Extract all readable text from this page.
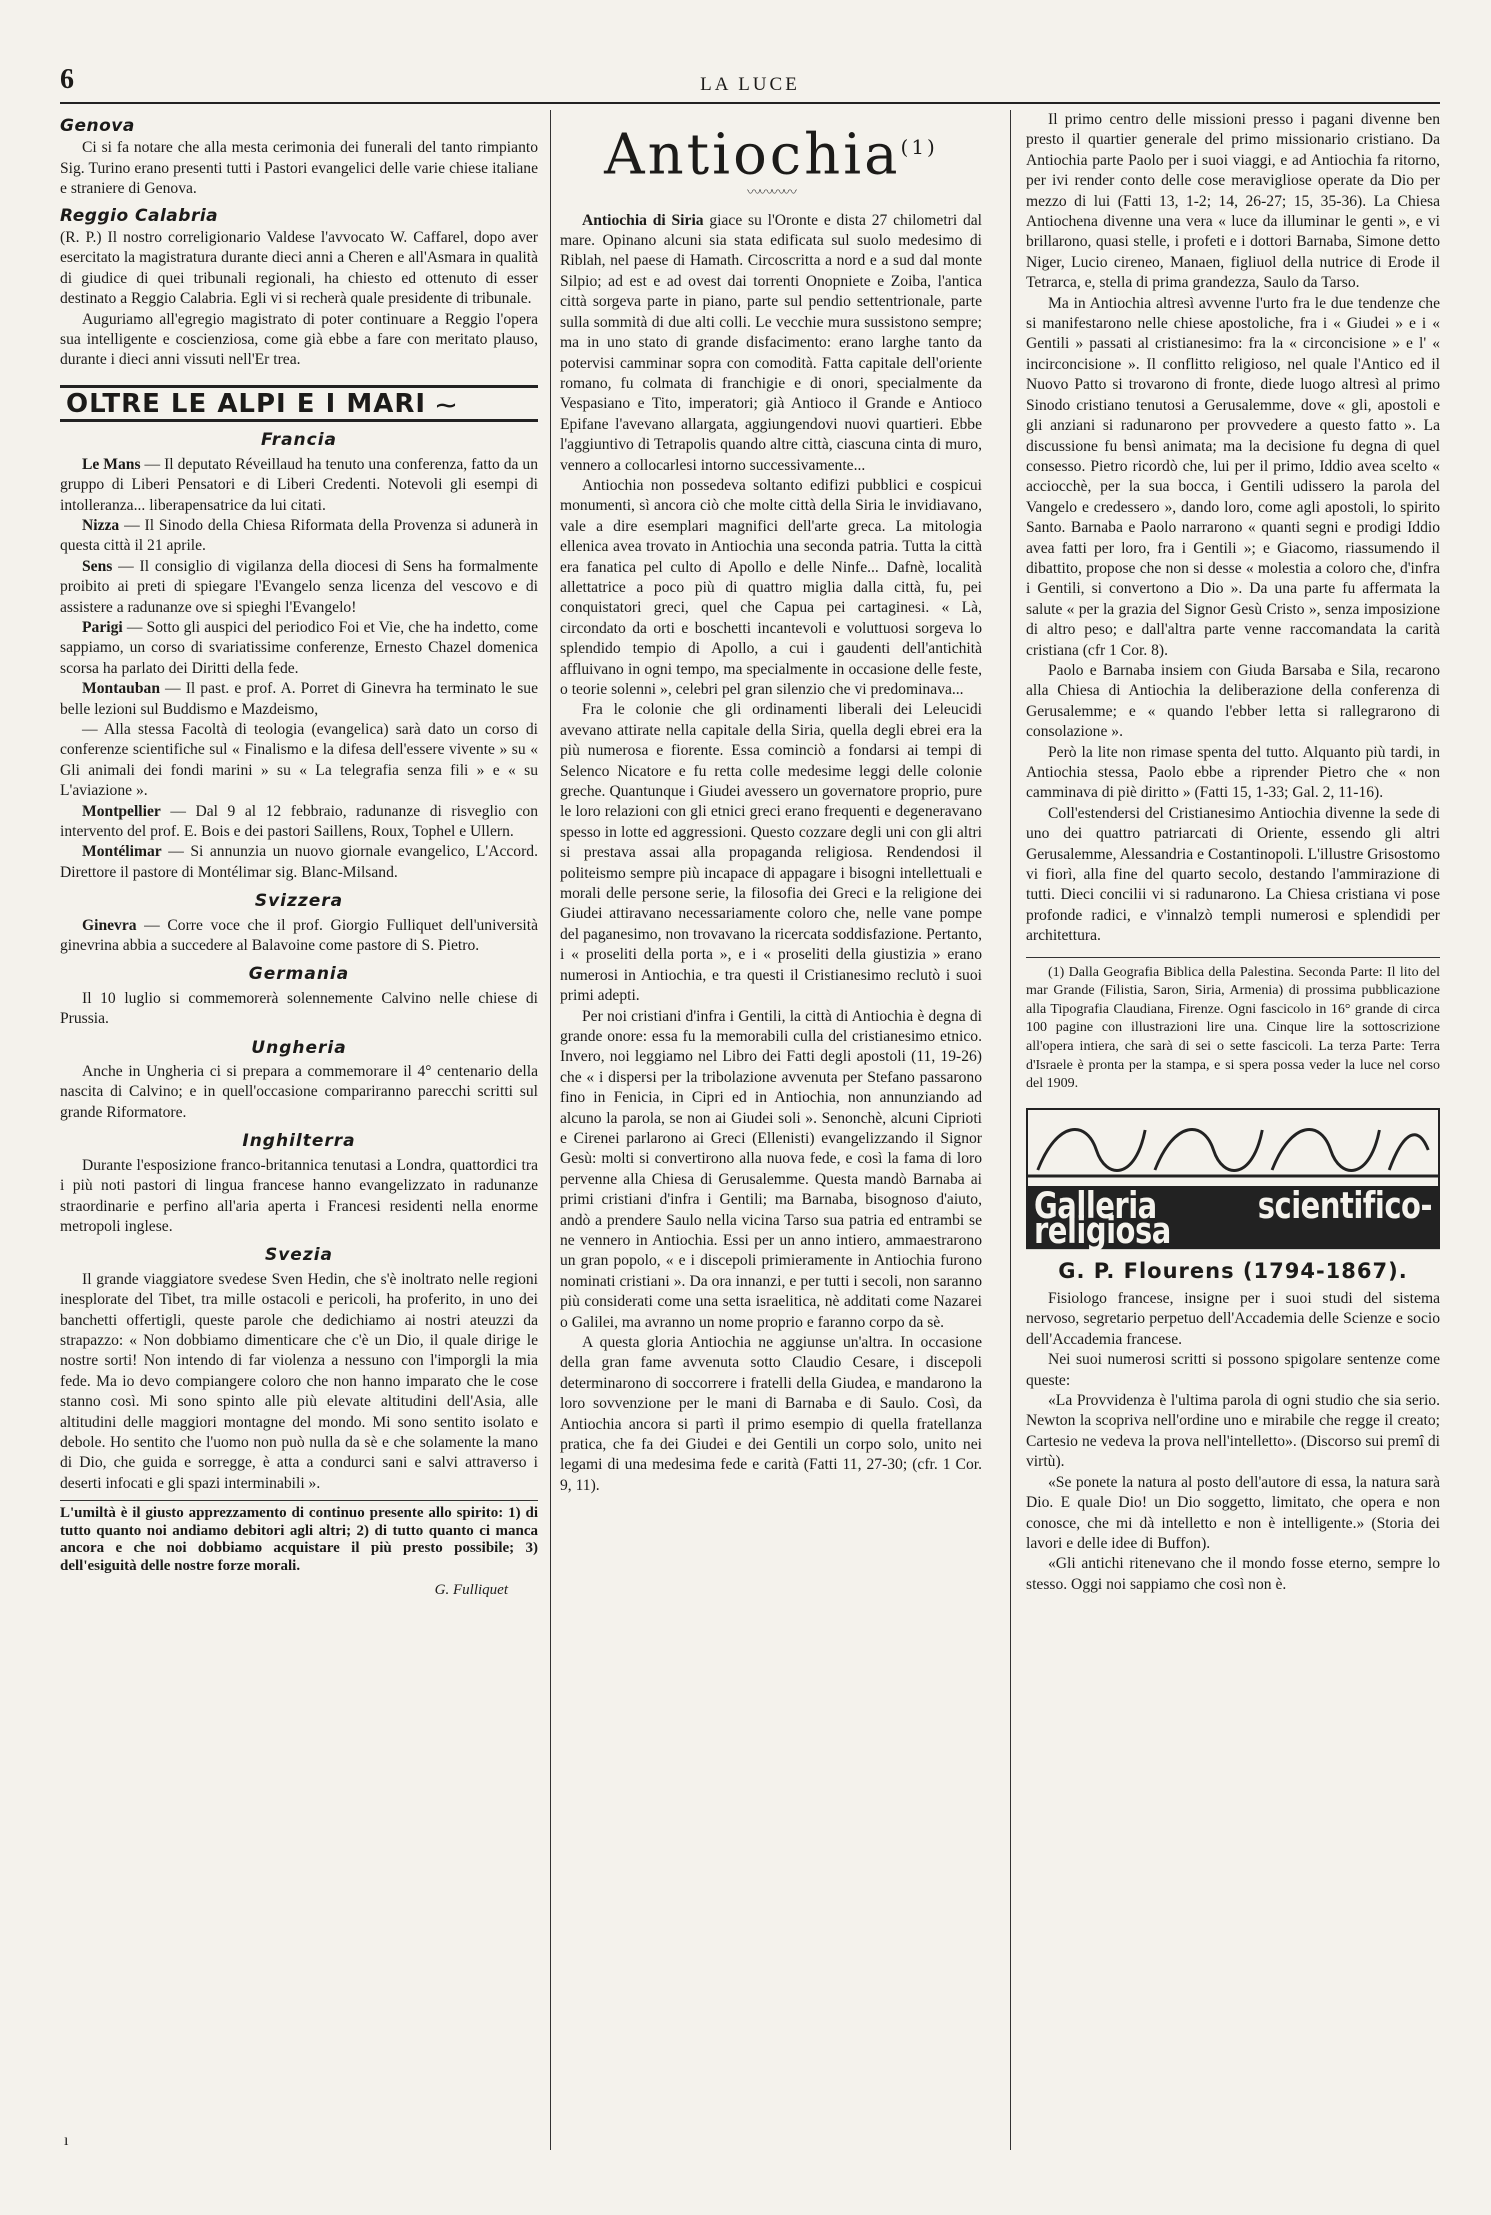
6	LA LUCE
Genova

Ci si fa notare che alla mesta cerimonia dei funerali del tanto rimpianto Sig. Turino erano presenti tutti i Pastori evangelici delle varie chiese italiane e straniere di Genova.

Reggio Calabria

(R. P.) Il nostro correligionario Valdese l'avvocato W. Caffarel, dopo aver esercitato la magistratura durante dieci anni a Cheren e all'Asmara in qualità di giudice di quei tribunali regionali, ha chiesto ed ottenuto di esser destinato a Reggio Calabria. Egli vi si recherà quale presidente di tribunale.

Auguriamo all'egregio magistrato di poter continuare a Reggio l'opera sua intelligente e coscienziosa, come già ebbe a fare con meritato plauso, durante i dieci anni vissuti nell'Er trea.

OLTRE LE ALPI E I MARI ⁓
Francia

Le Mans — Il deputato Réveillaud ha tenuto una conferenza, fatto da un gruppo di Liberi Pensatori e di Liberi Credenti. Notevoli gli esempi di intolleranza... liberapensatrice da lui citati.

Nizza — Il Sinodo della Chiesa Riformata della Provenza si adunerà in questa città il 21 aprile.

Sens — Il consiglio di vigilanza della diocesi di Sens ha formalmente proibito ai preti di spiegare l'Evangelo senza licenza del vescovo e di assistere a radunanze ove si spieghi l'Evangelo!

Parigi — Sotto gli auspici del periodico Foi et Vie, che ha indetto, come sappiamo, un corso di svariatissime conferenze, Ernesto Chazel domenica scorsa ha parlato dei Diritti della fede.

Montauban — Il past. e prof. A. Porret di Ginevra ha terminato le sue belle lezioni sul Buddismo e Mazdeismo,

— Alla stessa Facoltà di teologia (evangelica) sarà dato un corso di conferenze scientifiche sul « Finalismo e la difesa dell'essere vivente » su « Gli animali dei fondi marini » su « La telegrafia senza fili » e « su L'aviazione ».

Montpellier — Dal 9 al 12 febbraio, radunanze di risveglio con intervento del prof. E. Bois e dei pastori Saillens, Roux, Tophel e Ullern.

Montélimar — Si annunzia un nuovo giornale evangelico, L'Accord. Direttore il pastore di Montélimar sig. Blanc-Milsand.

Svizzera

Ginevra — Corre voce che il prof. Giorgio Fulliquet dell'università ginevrina abbia a succedere al Balavoine come pastore di S. Pietro.

Germania

Il 10 luglio si commemorerà solennemente Calvino nelle chiese di Prussia.

Ungheria

Anche in Ungheria ci si prepara a commemorare il 4° centenario della nascita di Calvino; e in quell'occasione compariranno parecchi scritti sul grande Riformatore.

Inghilterra

Durante l'esposizione franco-britannica tenutasi a Londra, quattordici tra i più noti pastori di lingua francese hanno evangelizzato in radunanze straordinarie e perfino all'aria aperta i Francesi residenti nella enorme metropoli inglese.

Svezia

Il grande viaggiatore svedese Sven Hedin, che s'è inoltrato nelle regioni inesplorate del Tibet, tra mille ostacoli e pericoli, ha proferito, in uno dei banchetti offertigli, queste parole che dedichiamo ai nostri ateuzzi da strapazzo: « Non dobbiamo dimenticare che c'è un Dio, il quale dirige le nostre sorti! Non intendo di far violenza a nessuno con l'imporgli la mia fede. Ma io devo compiangere coloro che non hanno imparato che le cose stanno così. Mi sono spinto alle più elevate altitudini dell'Asia, alle altitudini delle maggiori montagne del mondo. Mi sono sentito isolato e debole. Ho sentito che l'uomo non può nulla da sè e che solamente la mano di Dio, che guida e sorregge, è atta a condurci sani e salvi attraverso i deserti infocati e gli spazi interminabili ».

L'umiltà è il giusto apprezzamento di continuo presente allo spirito: 1) di tutto quanto noi andiamo debitori agli altri; 2) di tutto quanto ci manca ancora e che noi dobbiamo acquistare il più presto possibile; 3) dell'esiguità delle nostre forze morali.
G. Fulliquet
ı
Antiochia$^{(1)}$
〰〰〰〰

Antiochia di Siria giace su l'Oronte e dista 27 chilometri dal mare. Opinano alcuni sia stata edificata sul suolo medesimo di Riblah, nel paese di Hamath. Circoscritta a nord e a sud dal monte Silpio; ad est e ad ovest dai torrenti Onopniete e Zoiba, l'antica città sorgeva parte in piano, parte sul pendio settentrionale, parte sulla sommità di due alti colli. Le vecchie mura sussistono sempre; ma in uno stato di grande disfacimento: erano larghe tanto da potervisi camminar sopra con comodità. Fatta capitale dell'oriente romano, fu colmata di franchigie e di onori, specialmente da Vespasiano e Tito, imperatori; già Antioco il Grande e Antioco Epifane l'avevano allargata, aggiungendovi nuovi quartieri. Ebbe l'aggiuntivo di Tetrapolis quando altre città, ciascuna cinta di muro, vennero a collocarlesi intorno successivamente...

Antiochia non possedeva soltanto edifizi pubblici e cospicui monumenti, sì ancora ciò che molte città della Siria le invidiavano, vale a dire esemplari magnifici dell'arte greca. La mitologia ellenica avea trovato in Antiochia una seconda patria. Tutta la città era fanatica pel culto di Apollo e delle Ninfe... Dafnè, località allettatrice a poco più di quattro miglia dalla città, fu, pei conquistatori greci, quel che Capua pei cartaginesi. « Là, circondato da orti e boschetti incantevoli e voluttuosi sorgeva lo splendido tempio di Apollo, a cui i gaudenti dell'antichità affluivano in ogni tempo, ma specialmente in occasione delle feste, o teorie solenni », celebri pel gran silenzio che vi predominava...

Fra le colonie che gli ordinamenti liberali dei Leleucidi avevano attirate nella capitale della Siria, quella degli ebrei era la più numerosa e fiorente. Essa cominciò a fondarsi ai tempi di Selenco Nicatore e fu retta colle medesime leggi delle colonie greche. Quantunque i Giudei avessero un governatore proprio, pure le loro relazioni con gli etnici greci erano frequenti e degeneravano spesso in lotte ed aggressioni. Questo cozzare degli uni con gli altri si prestava assai alla propaganda religiosa. Rendendosi il politeismo sempre più incapace di appagare i bisogni intellettuali e morali delle persone serie, la filosofia dei Greci e la religione dei Giudei attiravano necessariamente coloro che, nelle vane pompe del paganesimo, non trovavano la ricercata soddisfazione. Pertanto, i « proseliti della porta », e i « proseliti della giustizia » erano numerosi in Antiochia, e tra questi il Cristianesimo reclutò i suoi primi adepti.

Per noi cristiani d'infra i Gentili, la città di Antiochia è degna di grande onore: essa fu la memorabili culla del cristianesimo etnico. Invero, noi leggiamo nel Libro dei Fatti degli apostoli (11, 19-26) che « i dispersi per la tribolazione avvenuta per Stefano passarono fino in Fenicia, in Cipri ed in Antiochia, non annunziando ad alcuno la parola, se non ai Giudei soli ». Senonchè, alcuni Ciprioti e Cirenei parlarono ai Greci (Ellenisti) evangelizzando il Signor Gesù: molti si convertirono alla nuova fede, e così la fama di loro pervenne alla Chiesa di Gerusalemme. Questa mandò Barnaba ai primi cristiani d'infra i Gentili; ma Barnaba, bisognoso d'aiuto, andò a prendere Saulo nella vicina Tarso sua patria ed entrambi se ne vennero in Antiochia. Essi per un anno intiero, ammaestrarono un gran popolo, « e i discepoli primieramente in Antiochia furono nominati cristiani ». Da ora innanzi, e per tutti i secoli, non saranno più considerati come una setta israelitica, nè additati come Nazarei o Galilei, ma avranno un nome proprio e faranno corpo da sè.

A questa gloria Antiochia ne aggiunse un'altra. In occasione della gran fame avvenuta sotto Claudio Cesare, i discepoli determinarono di soccorrere i fratelli della Giudea, e mandarono la loro sovvenzione per le mani di Barnaba e di Saulo. Così, da Antiochia ancora si partì il primo esempio di quella fratellanza pratica, che fa dei Giudei e dei Gentili un corpo solo, unito nei legami di una medesima fede e carità (Fatti 11, 27-30; (cfr. 1 Cor. 9, 11).

Il primo centro delle missioni presso i pagani divenne ben presto il quartier generale del primo missionario cristiano. Da Antiochia parte Paolo per i suoi viaggi, e ad Antiochia fa ritorno, per ivi render conto delle cose meravigliose operate da Dio per mezzo di lui (Fatti 13, 1-2; 14, 26-27; 15, 35-36). La Chiesa Antiochena divenne una vera « luce da illuminar le genti », e vi brillarono, quasi stelle, i profeti e i dottori Barnaba, Simone detto Niger, Lucio cireneo, Manaen, figliuol della nutrice di Erode il Tetrarca, e, stella di prima grandezza, Saulo da Tarso.

Ma in Antiochia altresì avvenne l'urto fra le due tendenze che si manifestarono nelle chiese apostoliche, fra i « Giudei » e i « Gentili » passati al cristianesimo: fra la « circoncisione » e l' « incirconcisione ». Il conflitto religioso, nel quale l'Antico ed il Nuovo Patto si trovarono di fronte, diede luogo altresì al primo Sinodo cristiano tenutosi a Gerusalemme, dove « gli, apostoli e gli anziani si radunarono per provvedere a questo fatto ». La discussione fu bensì animata; ma la decisione fu degna di quel consesso. Pietro ricordò che, lui per il primo, Iddio avea scelto « acciocchè, per la sua bocca, i Gentili udissero la parola del Vangelo e credessero », dando loro, come agli apostoli, lo spirito Santo. Barnaba e Paolo narrarono « quanti segni e prodigi Iddio avea fatti per loro, fra i Gentili »; e Giacomo, riassumendo il dibattito, propose che non si desse « molestia a coloro che, d'infra i Gentili, si convertono a Dio ». Da una parte fu affermata la salute « per la grazia del Signor Gesù Cristo », senza imposizione di altro peso; e dall'altra parte venne raccomandata la carità cristiana (cfr 1 Cor. 8).

Paolo e Barnaba insiem con Giuda Barsaba e Sila, recarono alla Chiesa di Antiochia la deliberazione della conferenza di Gerusalemme; e « quando l'ebber letta si rallegrarono di consolazione ».

Però la lite non rimase spenta del tutto. Alquanto più tardi, in Antiochia stessa, Paolo ebbe a riprender Pietro che « non camminava di piè diritto » (Fatti 15, 1-33; Gal. 2, 11-16).

Coll'estendersi del Cristianesimo Antiochia divenne la sede di uno dei quattro patriarcati di Oriente, essendo gli altri Gerusalemme, Alessandria e Costantinopoli. L'illustre Grisostomo vi fiorì, alla fine del quarto secolo, destando l'ammirazione di tutti. Dieci concilii vi si radunarono. La Chiesa cristiana vi pose profonde radici, e v'innalzò templi numerosi e splendidi per architettura.

(1) Dalla Geografia Biblica della Palestina. Seconda Parte: Il lito del mar Grande (Filistia, Saron, Siria, Armenia) di prossima pubblicazione alla Tipografia Claudiana, Firenze. Ogni fascicolo in 16° grande di circa 100 pagine con illustrazioni lire una. Cinque lire la sottoscrizione all'opera intiera, che sarà di sei o sette fascicoli. La terza Parte: Terra d'Israele è pronta per la stampa, e si spera possa veder la luce nel corso del 1909.

Galleria scientifico-religiosa
G. P. Flourens (1794-1867).

Fisiologo francese, insigne per i suoi studi del sistema nervoso, segretario perpetuo dell'Accademia delle Scienze e socio dell'Accademia francese.

Nei suoi numerosi scritti si possono spigolare sentenze come queste:

«La Provvidenza è l'ultima parola di ogni studio che sia serio. Newton la scopriva nell'ordine uno e mirabile che regge il creato; Cartesio ne vedeva la prova nell'intelletto». (Discorso sui premî di virtù).

«Se ponete la natura al posto dell'autore di essa, la natura sarà Dio. E quale Dio! un Dio soggetto, limitato, che opera e non conosce, che mi dà intelletto e non è intelligente.» (Storia dei lavori e delle idee di Buffon).

«Gli antichi ritenevano che il mondo fosse eterno, sempre lo stesso. Oggi noi sappiamo che così non è.
